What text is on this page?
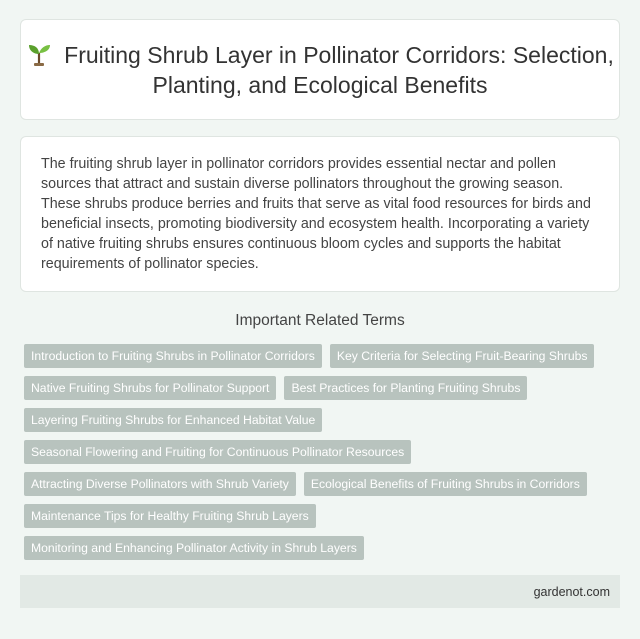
Fruiting Shrub Layer in Pollinator Corridors: Selection, Planting, and Ecological Benefits

The fruiting shrub layer in pollinator corridors provides essential nectar and pollen sources that attract and sustain diverse pollinators throughout the growing season. These shrubs produce berries and fruits that serve as vital food resources for birds and beneficial insects, promoting biodiversity and ecosystem health. Incorporating a variety of native fruiting shrubs ensures continuous bloom cycles and supports the habitat requirements of pollinator species.

Important Related Terms
Introduction to Fruiting Shrubs in Pollinator Corridors	Key Criteria for Selecting Fruit-Bearing Shrubs
Native Fruiting Shrubs for Pollinator Support	Best Practices for Planting Fruiting Shrubs
Layering Fruiting Shrubs for Enhanced Habitat Value
Seasonal Flowering and Fruiting for Continuous Pollinator Resources
Attracting Diverse Pollinators with Shrub Variety	Ecological Benefits of Fruiting Shrubs in Corridors
Maintenance Tips for Healthy Fruiting Shrub Layers
Monitoring and Enhancing Pollinator Activity in Shrub Layers
gardenot.com
